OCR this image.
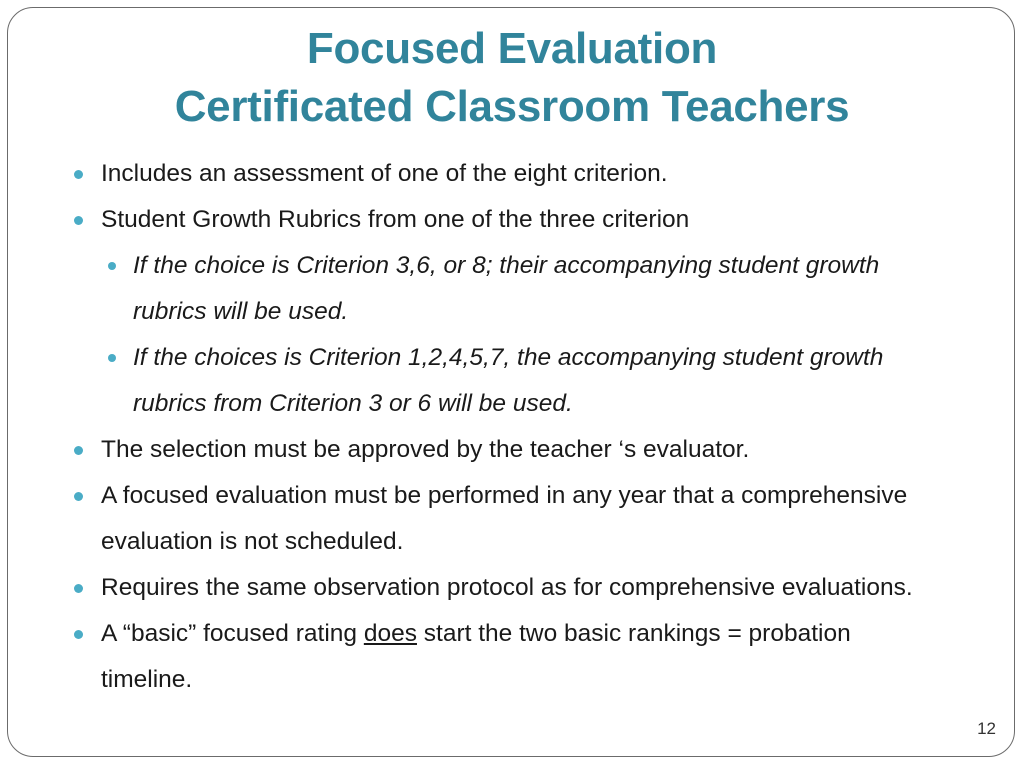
Focused Evaluation
Certificated Classroom Teachers
Includes an assessment of one of the eight criterion.
Student Growth Rubrics from one of the three criterion
If the choice is Criterion 3,6, or 8; their accompanying student growth rubrics will be used.
If the choices is Criterion 1,2,4,5,7, the accompanying student growth rubrics from Criterion 3 or 6 will be used.
The selection must be approved by the teacher ‘s evaluator.
A focused evaluation must be performed in any year that a comprehensive evaluation is not scheduled.
Requires the same observation protocol as for comprehensive evaluations.
A “basic” focused rating does start the two basic rankings = probation timeline.
12
